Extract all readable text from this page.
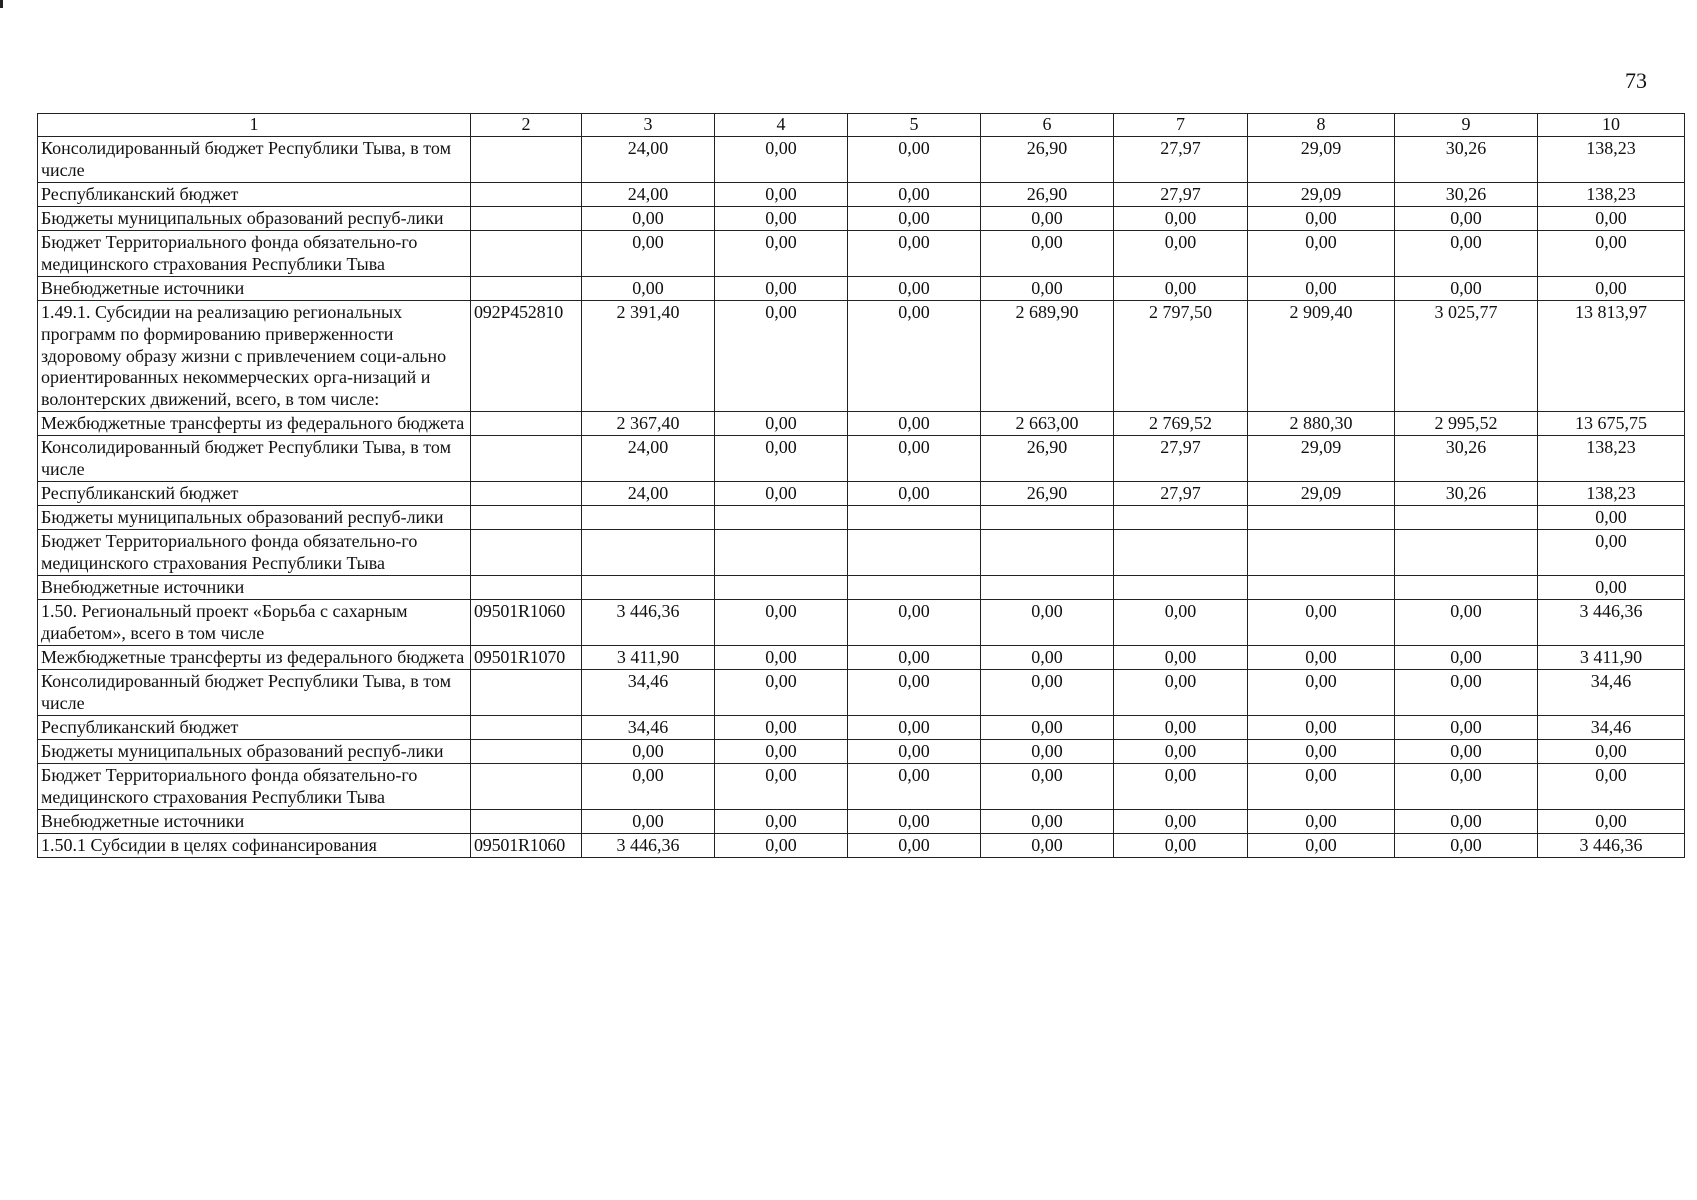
73
1	2	3	4	5	6	7	8	9	10
Консолидированный бюджет Республики Тыва, в том числе		24,00	0,00	0,00	26,90	27,97	29,09	30,26	138,23
Республиканский бюджет		24,00	0,00	0,00	26,90	27,97	29,09	30,26	138,23
Бюджеты муниципальных образований респуб-лики		0,00	0,00	0,00	0,00	0,00	0,00	0,00	0,00
Бюджет Территориального фонда обязательно-го медицинского страхования Республики Тыва		0,00	0,00	0,00	0,00	0,00	0,00	0,00	0,00
Внебюджетные источники		0,00	0,00	0,00	0,00	0,00	0,00	0,00	0,00
1.49.1. Субсидии на реализацию региональных программ по формированию приверженности здоровому образу жизни с привлечением соци-ально ориентированных некоммерческих орга-низаций и волонтерских движений, всего, в том числе:	092P452810	2 391,40	0,00	0,00	2 689,90	2 797,50	2 909,40	3 025,77	13 813,97
Межбюджетные трансферты из федерального бюджета		2 367,40	0,00	0,00	2 663,00	2 769,52	2 880,30	2 995,52	13 675,75
Консолидированный бюджет Республики Тыва, в том числе		24,00	0,00	0,00	26,90	27,97	29,09	30,26	138,23
Республиканский бюджет		24,00	0,00	0,00	26,90	27,97	29,09	30,26	138,23
Бюджеты муниципальных образований респуб-лики									0,00
Бюджет Территориального фонда обязательно-го медицинского страхования Республики Тыва									0,00
Внебюджетные источники									0,00
1.50. Региональный проект «Борьба с сахарным диабетом», всего в том числе	09501R1060	3 446,36	0,00	0,00	0,00	0,00	0,00	0,00	3 446,36
Межбюджетные трансферты из федерального бюджета	09501R1070	3 411,90	0,00	0,00	0,00	0,00	0,00	0,00	3 411,90
Консолидированный бюджет Республики Тыва, в том числе		34,46	0,00	0,00	0,00	0,00	0,00	0,00	34,46
Республиканский бюджет		34,46	0,00	0,00	0,00	0,00	0,00	0,00	34,46
Бюджеты муниципальных образований респуб-лики		0,00	0,00	0,00	0,00	0,00	0,00	0,00	0,00
Бюджет Территориального фонда обязательно-го медицинского страхования Республики Тыва		0,00	0,00	0,00	0,00	0,00	0,00	0,00	0,00
Внебюджетные источники		0,00	0,00	0,00	0,00	0,00	0,00	0,00	0,00
1.50.1 Субсидии в целях софинансирования	09501R1060	3 446,36	0,00	0,00	0,00	0,00	0,00	0,00	3 446,36
